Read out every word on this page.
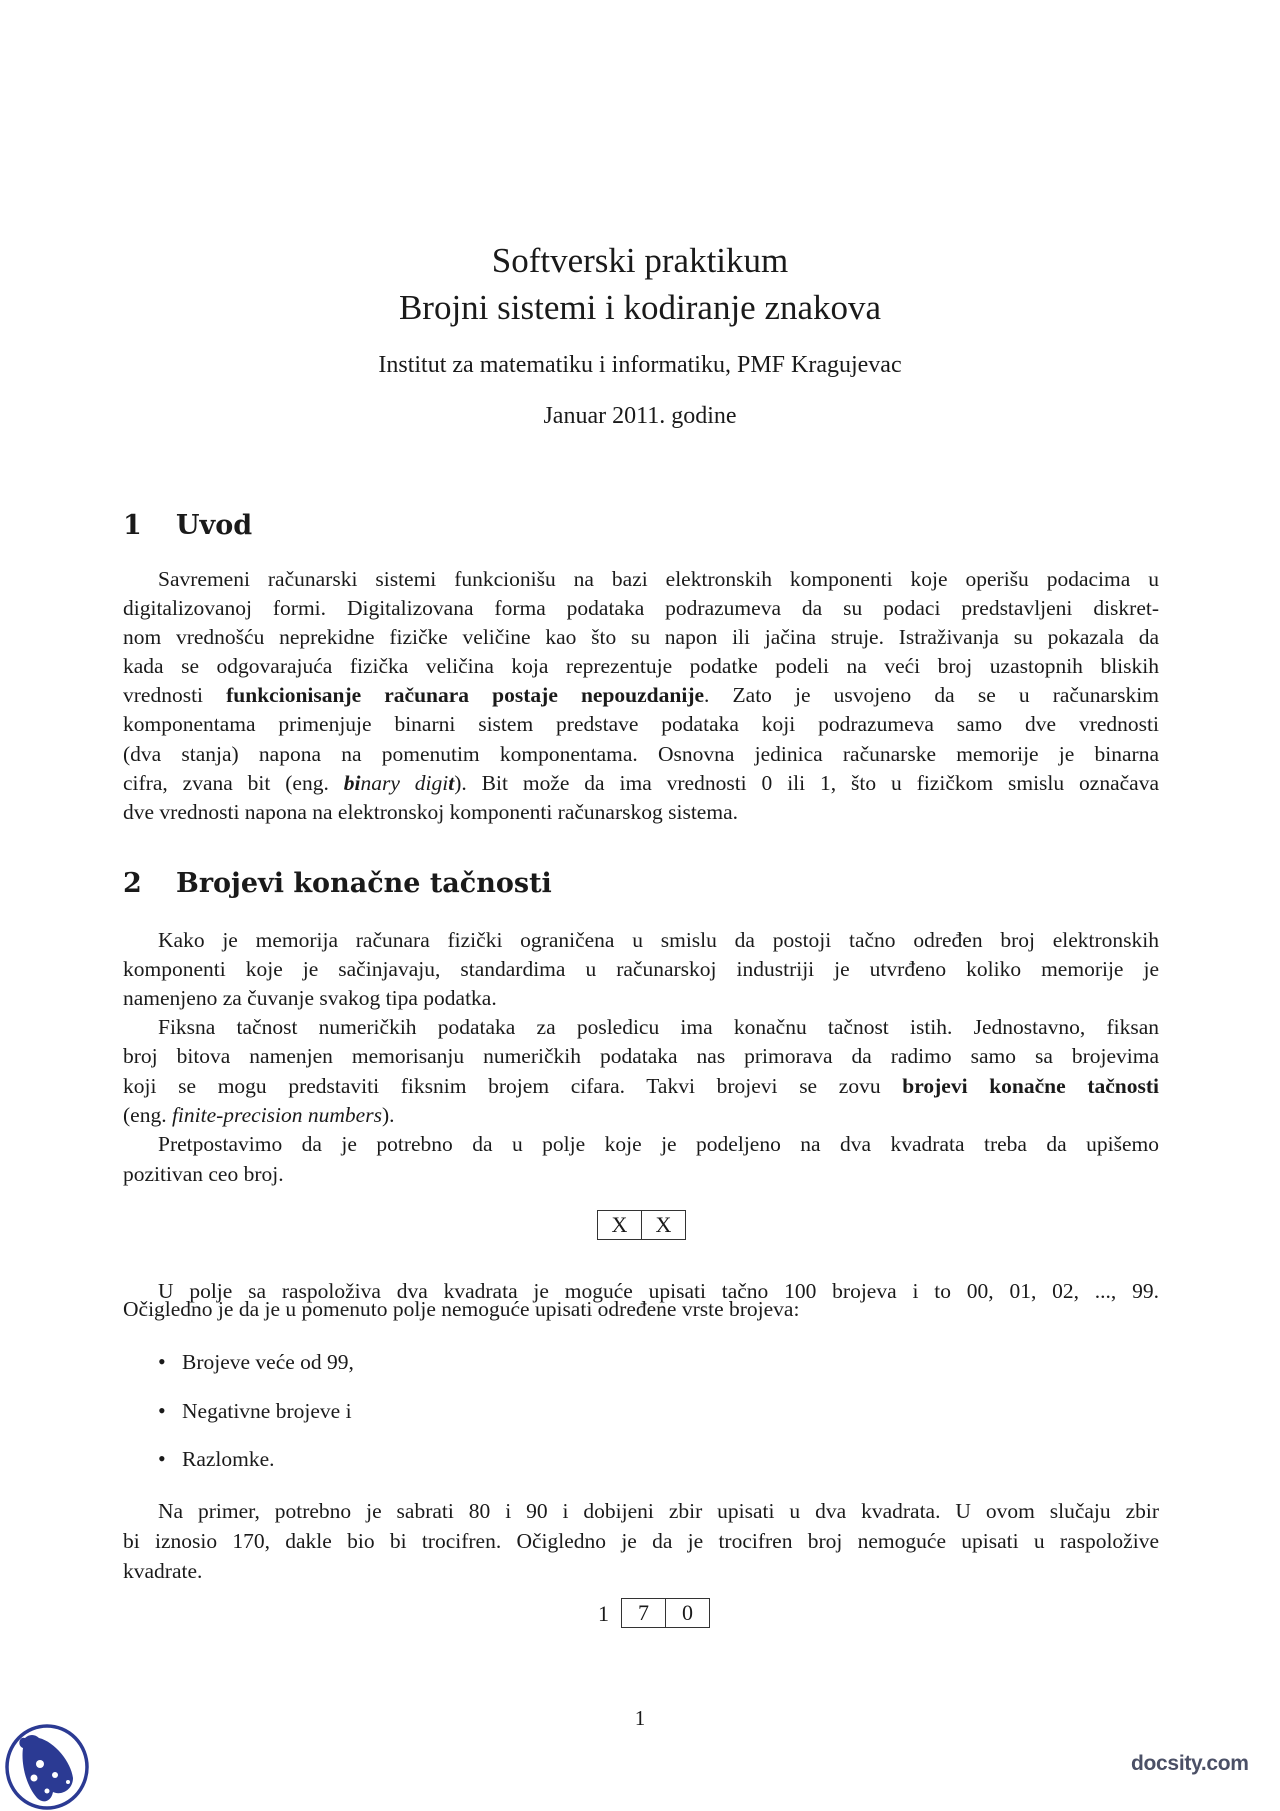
Softverski praktikum
Brojni sistemi i kodiranje znakova
Institut za matematiku i informatiku, PMF Kragujevac
Januar 2011. godine
1 Uvod
Savremeni računarski sistemi funkcionišu na bazi elektronskih komponenti koje operišu podacima u
digitalizovanoj formi. Digitalizovana forma podataka podrazumeva da su podaci predstavljeni diskret-
nom vrednošću neprekidne fizičke veličine kao što su napon ili jačina struje. Istraživanja su pokazala da
kada se odgovarajuća fizička veličina koja reprezentuje podatke podeli na veći broj uzastopnih bliskih
vrednosti funkcionisanje računara postaje nepouzdanije. Zato je usvojeno da se u računarskim
komponentama primenjuje binarni sistem predstave podataka koji podrazumeva samo dve vrednosti
(dva stanja) napona na pomenutim komponentama. Osnovna jedinica računarske memorije je binarna
cifra, zvana bit (eng. binary digit). Bit može da ima vrednosti 0 ili 1, što u fizičkom smislu označava
dve vrednosti napona na elektronskoj komponenti računarskog sistema.
2 Brojevi konačne tačnosti
Kako je memorija računara fizički ograničena u smislu da postoji tačno određen broj elektronskih
komponenti koje je sačinjavaju, standardima u računarskoj industriji je utvrđeno koliko memorije je
namenjeno za čuvanje svakog tipa podatka.
Fiksna tačnost numeričkih podataka za posledicu ima konačnu tačnost istih. Jednostavno, fiksan
broj bitova namenjen memorisanju numeričkih podataka nas primorava da radimo samo sa brojevima
koji se mogu predstaviti fiksnim brojem cifara. Takvi brojevi se zovu brojevi konačne tačnosti
(eng. finite-precision numbers).
Pretpostavimo da je potrebno da u polje koje je podeljeno na dva kvadrata treba da upišemo
pozitivan ceo broj.
X	X
U polje sa raspoloživa dva kvadrata je moguće upisati tačno 100 brojeva i to 00, 01, 02, ..., 99.
Očigledno je da je u pomenuto polje nemoguće upisati određene vrste brojeva:
• Brojeve veće od 99,
• Negativne brojeve i
• Razlomke.
Na primer, potrebno je sabrati 80 i 90 i dobijeni zbir upisati u dva kvadrata. U ovom slučaju zbir
bi iznosio 170, dakle bio bi trocifren. Očigledno je da je trocifren broj nemoguće upisati u raspoložive
kvadrate.
1	7	0
1
docsity.com
